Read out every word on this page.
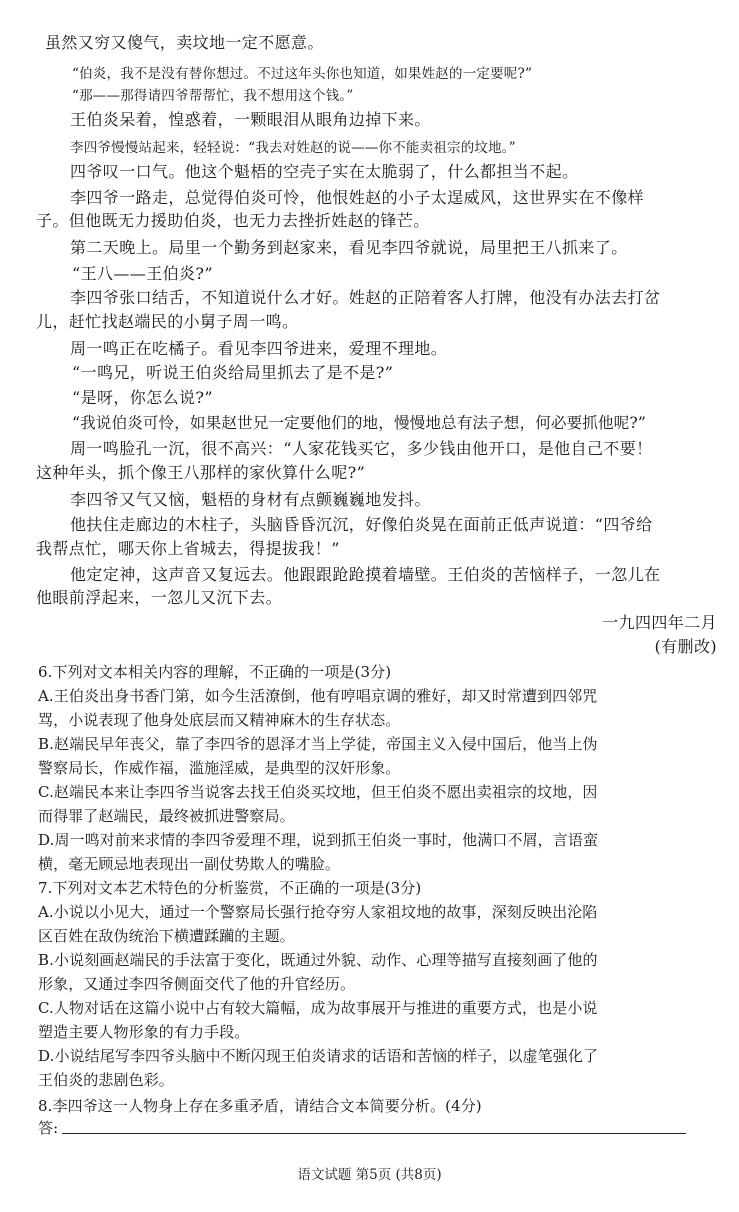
虽然又穷又傻气，卖坟地一定不愿意。
“伯炎，我不是没有替你想过。不过这年头你也知道，如果姓赵的一定要呢?”
“那——那得请四爷帮帮忙，我不想用这个钱。”
王伯炎呆着，惶惑着，一颗眼泪从眼角边掉下来。
李四爷慢慢站起来，轻轻说：“我去对姓赵的说——你不能卖祖宗的坟地。”
四爷叹一口气。他这个魁梧的空壳子实在太脆弱了，什么都担当不起。
李四爷一路走，总觉得伯炎可怜，他恨姓赵的小子太逞威风，这世界实在不像样
子。但他既无力援助伯炎，也无力去挫折姓赵的锋芒。
第二天晚上。局里一个勤务到赵家来，看见李四爷就说，局里把王八抓来了。
“王八——王伯炎?”
李四爷张口结舌，不知道说什么才好。姓赵的正陪着客人打牌，他没有办法去打岔
儿，赶忙找赵端民的小舅子周一鸣。
周一鸣正在吃橘子。看见李四爷进来，爱理不理地。
“一鸣兄，听说王伯炎给局里抓去了是不是?”
“是呀，你怎么说?”
“我说伯炎可怜，如果赵世兄一定要他们的地，慢慢地总有法子想，何必要抓他呢?”
周一鸣脸孔一沉，很不高兴：“人家花钱买它，多少钱由他开口，是他自己不要！
这种年头，抓个像王八那样的家伙算什么呢?”
李四爷又气又恼，魁梧的身材有点颤巍巍地发抖。
他扶住走廊边的木柱子，头脑昏昏沉沉，好像伯炎晃在面前正低声说道：“四爷给
我帮点忙，哪天你上省城去，得提拔我！”
他定定神，这声音又复远去。他跟跟跄跄摸着墙壁。王伯炎的苦恼样子，一忽儿在
他眼前浮起来，一忽儿又沉下去。
一九四四年二月
(有删改)
6.下列对文本相关内容的理解，不正确的一项是(3分)
A.王伯炎出身书香门第，如今生活潦倒，他有哼唱京调的雅好，却又时常遭到四邻咒
骂，小说表现了他身处底层而又精神麻木的生存状态。
B.赵端民早年丧父，靠了李四爷的恩泽才当上学徒，帝国主义入侵中国后，他当上伪
警察局长，作威作福，滥施淫威，是典型的汉奸形象。
C.赵端民本来让李四爷当说客去找王伯炎买坟地，但王伯炎不愿出卖祖宗的坟地，因
而得罪了赵端民，最终被抓进警察局。
D.周一鸣对前来求情的李四爷爱理不理，说到抓王伯炎一事时，他满口不屑，言语蛮
横，毫无顾忌地表现出一副仗势欺人的嘴脸。
7.下列对文本艺术特色的分析鉴赏，不正确的一项是(3分)
A.小说以小见大，通过一个警察局长强行抢夺穷人家祖坟地的故事，深刻反映出沦陷
区百姓在敌伪统治下横遭蹂躏的主题。
B.小说刻画赵端民的手法富于变化，既通过外貌、动作、心理等描写直接刻画了他的
形象，又通过李四爷侧面交代了他的升官经历。
C.人物对话在这篇小说中占有较大篇幅，成为故事展开与推进的重要方式，也是小说
塑造主要人物形象的有力手段。
D.小说结尾写李四爷头脑中不断闪现王伯炎请求的话语和苦恼的样子，以虚笔强化了
王伯炎的悲剧色彩。
8.李四爷这一人物身上存在多重矛盾，请结合文本简要分析。(4分)
答:
语文试题 第5页 (共8页)
